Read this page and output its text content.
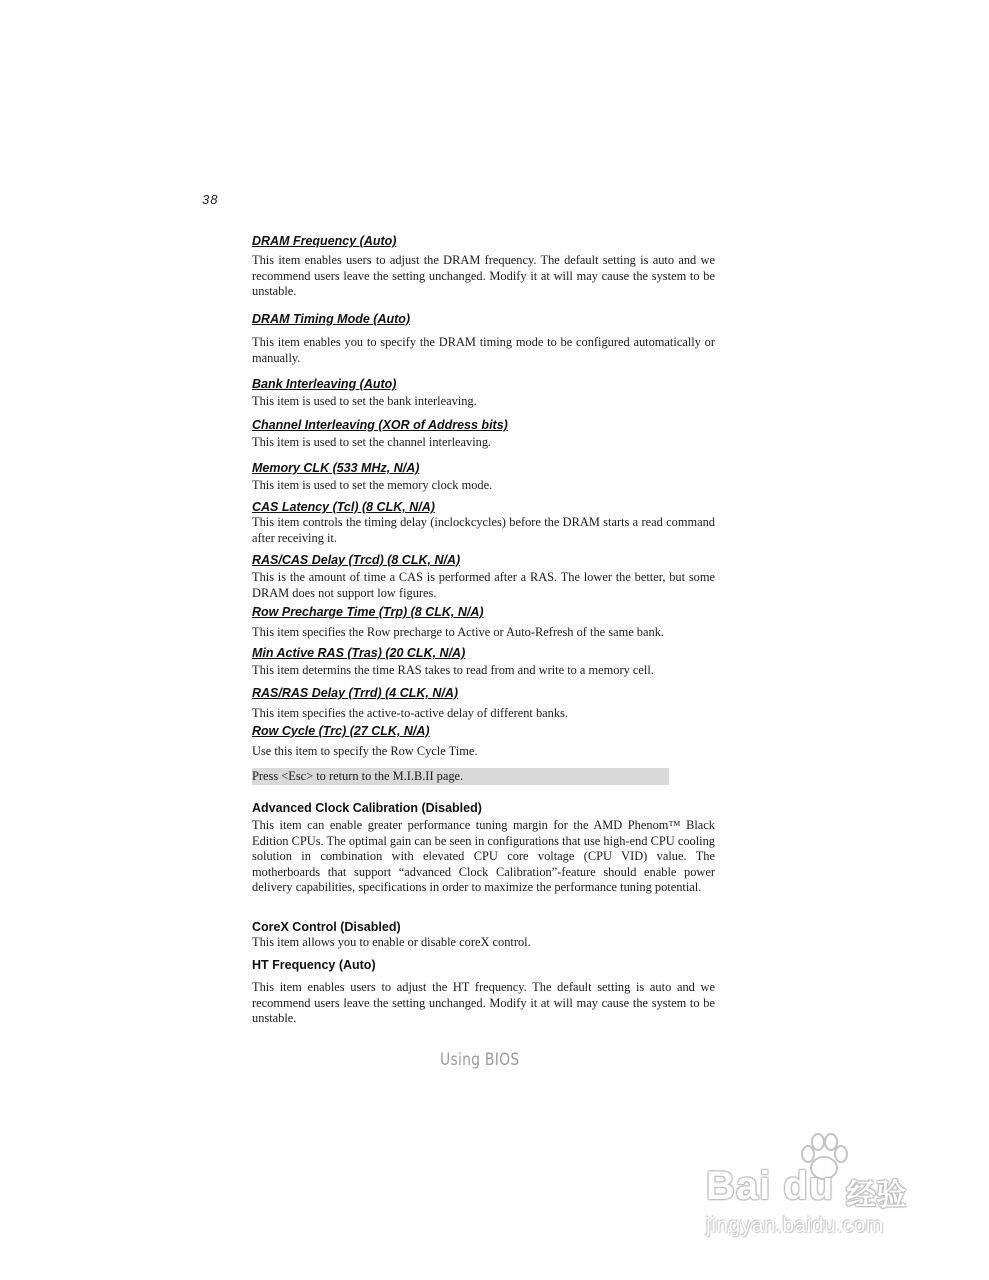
38
DRAM Frequency (Auto)

This item enables users to adjust the DRAM frequency. The default setting is auto and we recommend users leave the setting unchanged. Modify it at will may cause the system to be unstable.

DRAM Timing Mode (Auto)

This item enables you to specify the DRAM timing mode to be configured automatically or manually.

Bank Interleaving (Auto)

This item is used to set the bank interleaving.

Channel Interleaving (XOR of Address bits)

This item is used to set the channel interleaving.

Memory CLK (533 MHz, N/A)

This item is used to set the memory clock mode.

CAS Latency (Tcl) (8 CLK, N/A)

This item controls the timing delay (inclockcycles) before the DRAM starts a read command after receiving it.

RAS/CAS Delay (Trcd) (8 CLK, N/A)

This is the amount of time a CAS is performed after a RAS. The lower the better, but some DRAM does not support low figures.

Row Precharge Time (Trp) (8 CLK, N/A)

This item specifies the Row precharge to Active or Auto-Refresh of the same bank.

Min Active RAS (Tras) (20 CLK, N/A)

This item determins the time RAS takes to read from and write to a memory cell.

RAS/RAS Delay (Trrd) (4 CLK, N/A)

This item specifies the active-to-active delay of different banks.

Row Cycle (Trc) (27 CLK, N/A)

Use this item to specify the Row Cycle Time.

Press <Esc> to return to the M.I.B.II page.
Advanced Clock Calibration (Disabled)

This item can enable greater performance tuning margin for the AMD Phenom™ Black Edition CPUs. The optimal gain can be seen in configurations that use high-end CPU cooling solution in combination with elevated CPU core voltage (CPU VID) value. The motherboards that support “advanced Clock Calibration”-feature should enable power delivery capabilities, specifications in order to maximize the performance tuning potential.

CoreX Control (Disabled)

This item allows you to enable or disable coreX control.

HT Frequency (Auto)

This item enables users to adjust the HT frequency. The default setting is auto and we recommend users leave the setting unchanged. Modify it at will may cause the system to be unstable.

Using BIOS
Bai du 经验
jingyan.baidu.com
